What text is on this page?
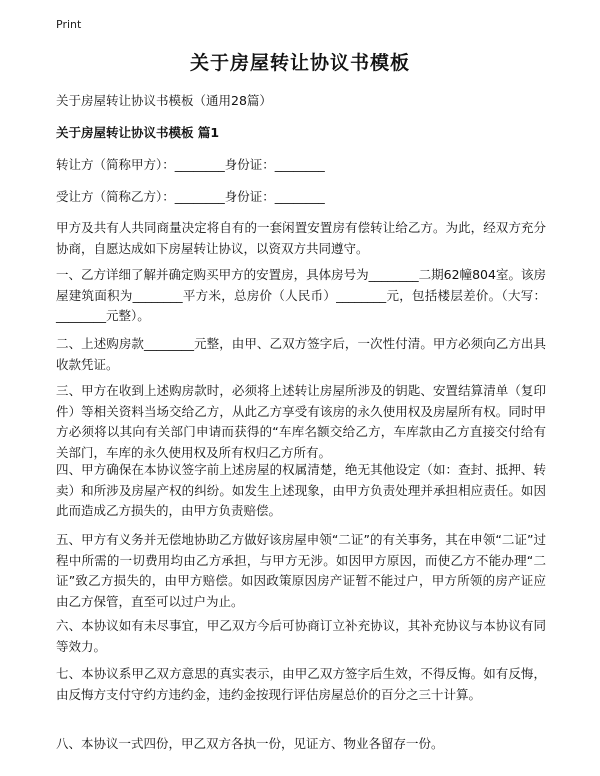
Print
关于房屋转让协议书模板
关于房屋转让协议书模板（通用28篇）
关于房屋转让协议书模板 篇1
转让方（简称甲方）：________身份证：________
受让方（简称乙方）：________身份证：________
甲方及共有人共同商量决定将自有的一套闲置安置房有偿转让给乙方。为此，经双方充分协商，自愿达成如下房屋转让协议，以资双方共同遵守。
一、乙方详细了解并确定购买甲方的安置房，具体房号为________二期62幢804室。该房屋建筑面积为________平方米，总房价（人民币）________元，包括楼层差价。（大写：________元整）。
二、上述购房款________元整，由甲、乙双方签字后，一次性付清。甲方必须向乙方出具收款凭证。
三、甲方在收到上述购房款时，必须将上述转让房屋所涉及的钥匙、安置结算清单（复印件）等相关资料当场交给乙方，从此乙方享受有该房的永久使用权及房屋所有权。同时甲方必须将以其向有关部门申请而获得的“车库名额交给乙方，车库款由乙方直接交付给有关部门，车库的永久使用权及所有权归乙方所有。
四、甲方确保在本协议签字前上述房屋的权属清楚，绝无其他设定（如：查封、抵押、转卖）和所涉及房屋产权的纠纷。如发生上述现象，由甲方负责处理并承担相应责任。如因此而造成乙方损失的，由甲方负责赔偿。
五、甲方有义务并无偿地协助乙方做好该房屋申领“二证”的有关事务，其在申领“二证”过程中所需的一切费用均由乙方承担，与甲方无涉。如因甲方原因，而使乙方不能办理“二证”致乙方损失的，由甲方赔偿。如因政策原因房产证暂不能过户，甲方所领的房产证应由乙方保管，直至可以过户为止。
六、本协议如有未尽事宜，甲乙双方今后可协商订立补充协议，其补充协议与本协议有同等效力。
七、本协议系甲乙双方意思的真实表示，由甲乙双方签字后生效，不得反悔。如有反悔，由反悔方支付守约方违约金，违约金按现行评估房屋总价的百分之三十计算。
八、本协议一式四份，甲乙双方各执一份，见证方、物业各留存一份。
